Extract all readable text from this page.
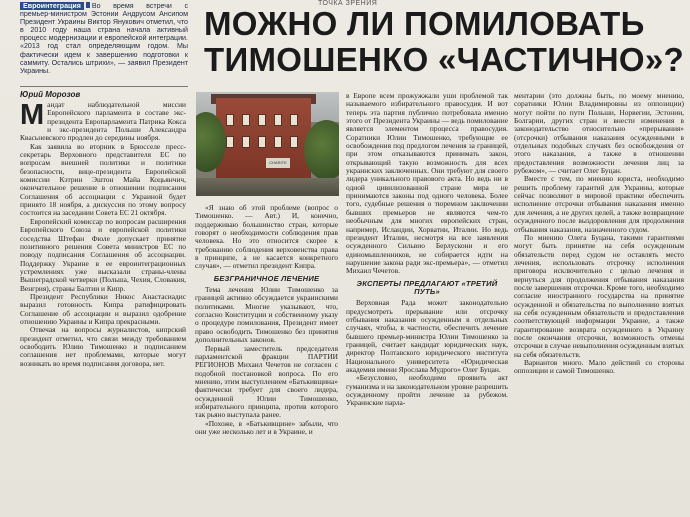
ТОЧКА ЗРЕНИЯ
Евроинтеграция Во время встречи с премьер-министром Эстонии Андрусом Ансипом Президент Украины Виктор Янукович отметил, что в 2010 году наша страна начала активный процесс модернизации и европейской интеграции. «2013 год стал определяющим годом. Мы фактически идем к завершению подготовки к саммиту. Остались штрихи», — заявил Президент Украины.
МОЖНО ЛИ ПОМИЛОВАТЬ
ТИМОШЕНКО «ЧАСТИЧНО»?
Юрий Морозов
CHARITE

Мандат наблюдательной миссии Европейского парламента в составе экс-президента Европарламента Патрика Кокса и экс-президента Польши Александра Квасьневского продлен до середины ноября.

Как заявила во вторник в Брюсселе пресс-секретарь Верховного представителя ЕС по вопросам внешней политики и политики безопасности, вице-президента Европейской комиссии Кэтрин Эштон Майа Коцьянчич, окончательное решение в отношении подписания Соглашения об ассоциации с Украиной будет принято 18 ноября, а дискуссия по этому вопросу состоится на заседании Совета ЕС 21 октября.

Европейский комиссар по вопросам расширения Европейского Союза и европейской политики соседства Штефан Фюле допускает принятие позитивного решения Совета министров ЕС по поводу подписания Соглашения об ассоциации. Поддержку Украине в ее евроинтеграционных устремлениях уже высказали страны-члены Вышеградской четверки (Польша, Чехия, Словакия, Венгрия), страны Балтии и Кипр.

Президент Республики Никос Анастасиадис выразил готовность Кипра ратифицировать Соглашение об ассоциации и выразил одобрение отношению Украины и Кипра прекрасными.

Отвечая на вопросы журналистов, кипрский президент отметил, что связи между требованием освободить Юлию Тимошенко и подписанием соглашения нет проблемами, которые могут возникать во время подписания договора, нет.

«Я знаю об этой проблеме (вопрос о Тимошенко. — Авт.) И, конечно, поддерживаю большинство стран, которые говорят о необходимости соблюдения прав человека. Но это относится скорее к требованию соблюдения верховенства права в принципе, а не касается конкретного случая», — отметил президент Кипра.

БЕЗГРАНИЧНОЕ ЛЕЧЕНИЕ

Тема лечения Юлии Тимошенко за границей активно обсуждается украинскими политиками. Многие указывают, что, согласно Конституции и собственному указу о процедуре помилования, Президент имеет право освободить Тимошенко без принятия дополнительных законов.

Первый заместитель председателя парламентской фракции ПАРТИИ РЕГИОНОВ Михаил Чечетов не согласен с подобной постановкой вопроса. По его мнению, этим выступлением «Батькивщина» фактически требует для своего лидера, осужденной Юлии Тимошенко, избирательного принципа, против которого так рьяно выступала ранее.

«Похоже, в «Батькивщине» забыли, что они уже несколько лет и в Украине, и

в Европе всем прожужжали уши проблемой так называемого избирательного правосудия. И вот теперь эта партия публично потребовала именно этого от Президента Украины — ведь помилование является элементом процесса правосудия. Соратники Юлии Тимошенко, требующие ее освобождения под предлогом лечения за границей, при этом отказываются принимать закон, открывающий такую возможность для всех украинских заключенных. Они требуют для своего лидера уникального правового акта. Но ведь ни в одной цивилизованной стране мира не принимаются законы под одного человека. Более того, судебные решения о тюремном заключении бывших премьеров не являются чем-то необычным для многих европейских стран, например, Исландии, Хорватии, Италии. Но ведь президент Италии, несмотря на все заявления осужденного Сильвио Берлускони и его единомышленников, не собирается идти на нарушение закона ради экс-премьера», — отметил Михаил Чечетов.

ЭКСПЕРТЫ ПРЕДЛАГАЮТ «ТРЕТИЙ ПУТЬ»

Верховная Рада может законодательно предусмотреть прерывание или отсрочку отбывания наказания осужденным в отдельных случаях, чтобы, в частности, обеспечить лечение бывшего премьер-министра Юлии Тимошенко за границей, считает кандидат юридических наук, директор Полтавского юридического института Национального университета «Юридическая академия имени Ярослава Мудрого» Олег Буцан.

«Безусловно, необходимо проявить акт гуманизма и на законодательном уровне разрешить осужденному пройти лечение за рубежом. Украинские парла-

ментарии (это должны быть, по моему мнению, соратники Юлии Владимировны из оппозиции) могут пойти по пути Польши, Норвегии, Эстонии, Болгарии, других стран и внести изменения в законодательство относительно «прерывания» (отсрочки) отбывания наказания осужденными в отдельных подобных случаях без освобождения от этого наказания, а также в отношении предоставления возможности лечения лиц за рубежом», — считает Олег Буцан.

Вместе с тем, по мнению юриста, необходимо решить проблему гарантий для Украины, которые сейчас позволяют в мировой практике обеспечить исполнение отсрочки отбывания наказания именно для лечения, а не других целей, а также возвращение осужденного после выздоровления для продолжения отбывания наказания, назначенного судом.

По мнению Олега Буцана, такими гарантиями могут быть принятие на себя осужденным обязательств перед судом не оставлять место лечения, использовать отсрочку исполнения приговора исключительно с целью лечения и вернуться для продолжения отбывания наказания после завершения отсрочки. Кроме того, необходимо согласие иностранного государства на принятие осужденной и обязательства по выполнению взятых на себя осужденным обязательств и предоставления соответствующей информации Украине, а также гарантирование возврата осужденного в Украину после окончания отсрочки, возможность отмены отсрочки в случае невыполнения осужденным взятых на себя обязательств.

Вариантов много. Мало действий со стороны оппозиции и самой Тимошенко.
